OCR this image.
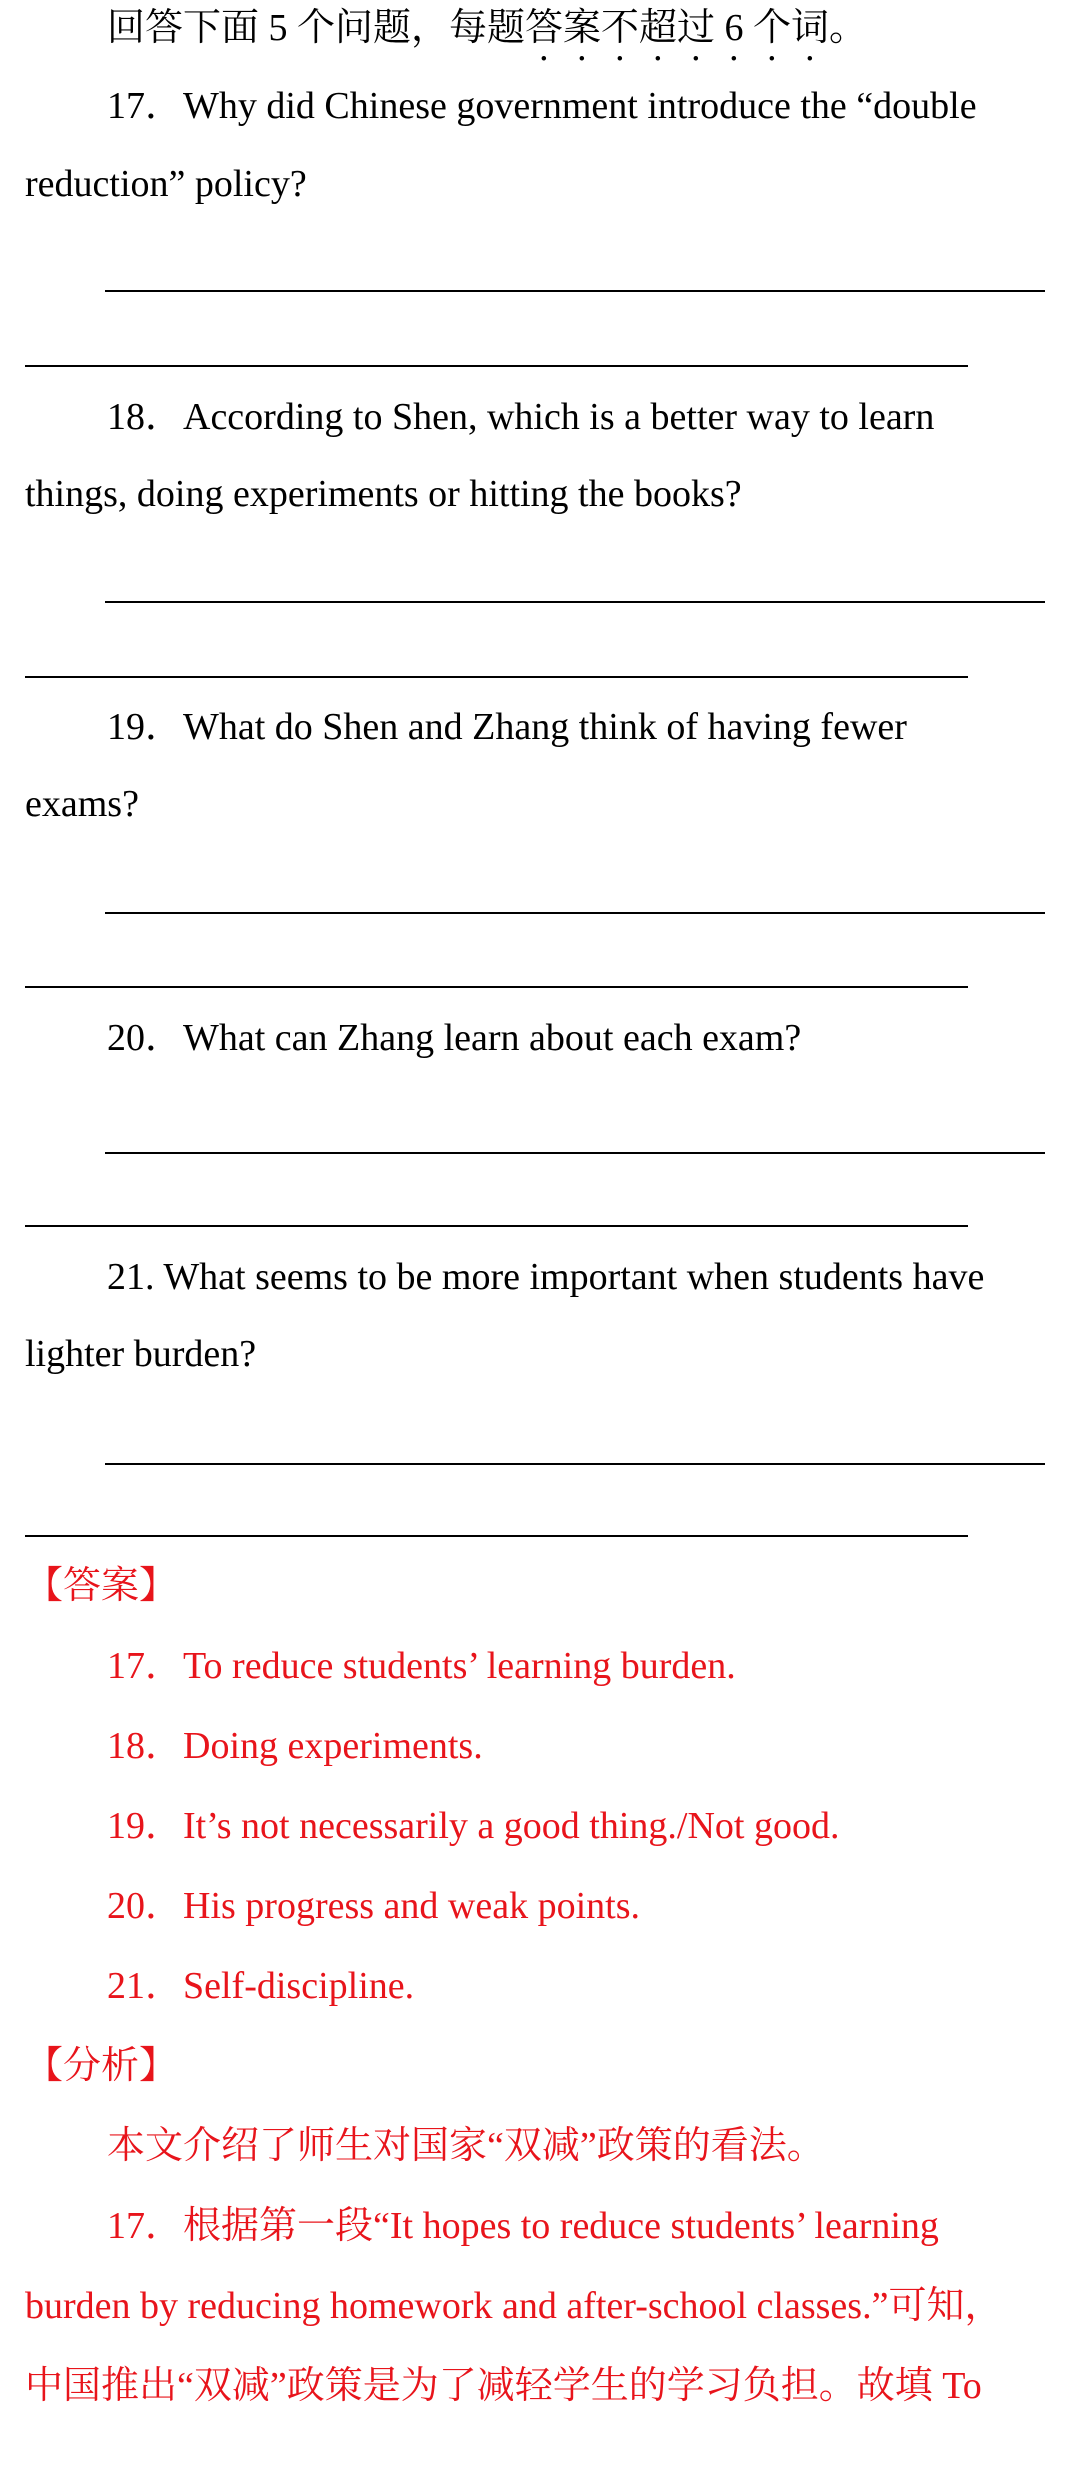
回答下面 5 个问题，每题答案不超过 6 个词。
17．Why did Chinese government introduce the “double
reduction” policy?
18．According to Shen, which is a better way to learn
things, doing experiments or hitting the books?
19．What do Shen and Zhang think of having fewer
exams?
20．What can Zhang learn about each exam?
21. What seems to be more important when students have
lighter burden?
【答案】
17．To reduce students’ learning burden.
18．Doing experiments.
19．It’s not necessarily a good thing./Not good.
20．His progress and weak points.
21．Self-discipline.
【分析】
本文介绍了师生对国家“双减”政策的看法。
17．根据第一段“It hopes to reduce students’ learning
burden by reducing homework and after-school classes.”可知，
中国推出“双减”政策是为了减轻学生的学习负担。故填 To
